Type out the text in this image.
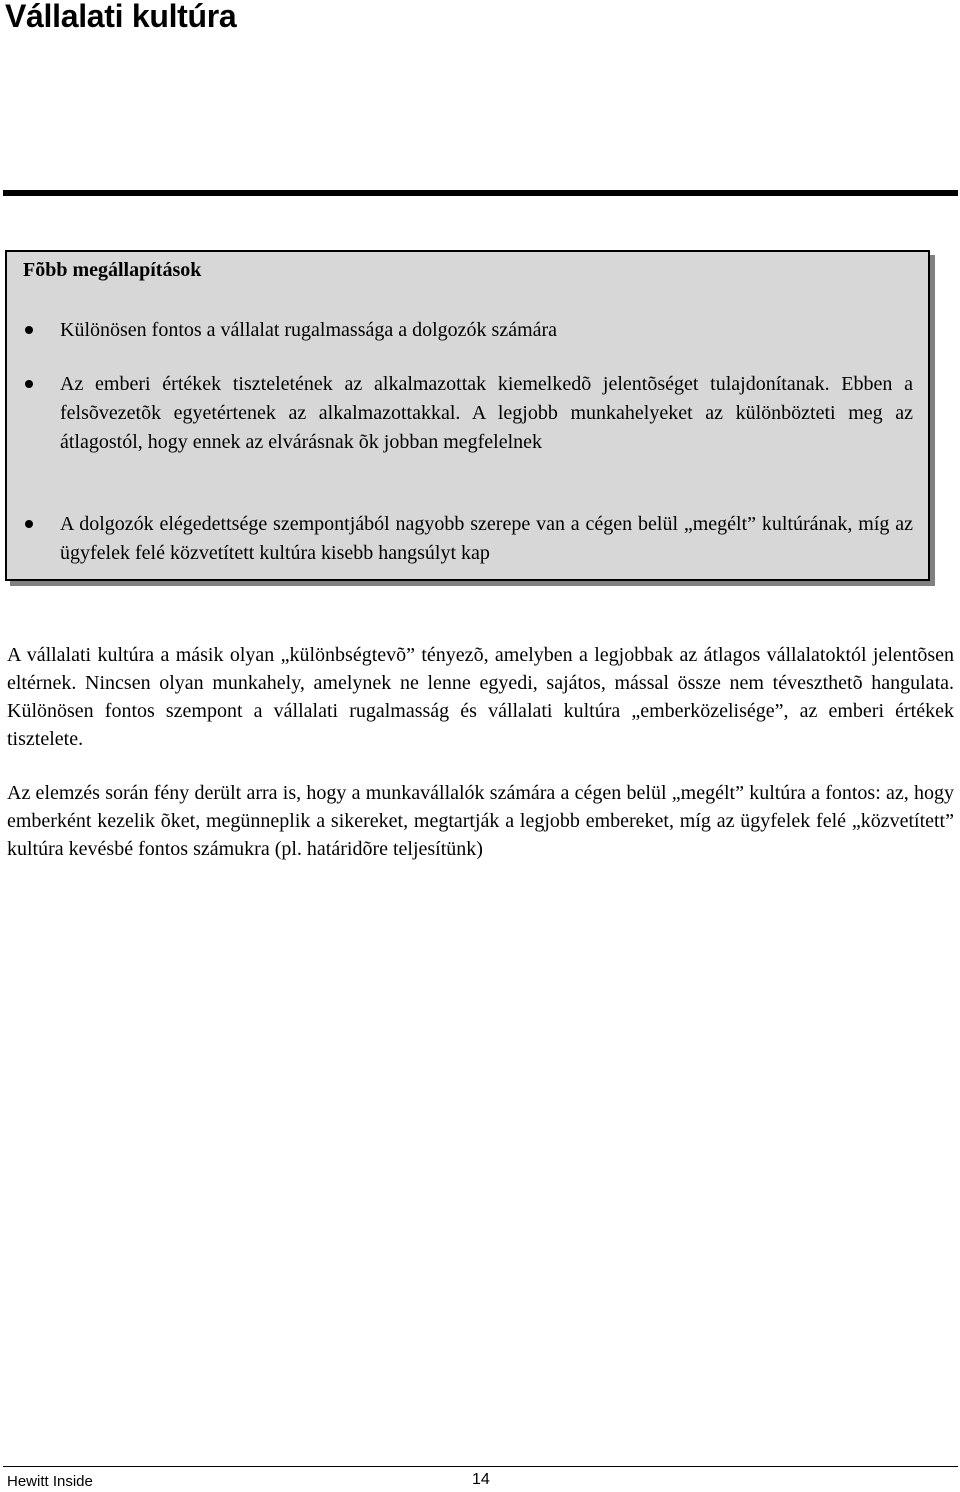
Vállalati kultúra
Fõbb megállapítások
Különösen fontos a vállalat rugalmassága a dolgozók számára
Az emberi értékek tiszteletének az alkalmazottak kiemelkedõ jelentõséget tulajdonítanak. Ebben a felsõvezetõk egyetértenek az alkalmazottakkal. A legjobb munkahelyeket az különbözteti meg az átlagostól, hogy ennek az elvárásnak õk jobban megfelelnek
A dolgozók elégedettsége szempontjából nagyobb szerepe van a cégen belül „megélt” kultúrának, míg az ügyfelek felé közvetített kultúra kisebb hangsúlyt kap

A vállalati kultúra a másik olyan „különbségtevõ” tényezõ, amelyben a legjobbak az átlagos vállalatoktól jelentõsen eltérnek. Nincsen olyan munkahely, amelynek ne lenne egyedi, sajátos, mással össze nem téveszthetõ hangulata. Különösen fontos szempont a vállalati rugalmasság és vállalati kultúra „emberközelisége”, az emberi értékek tisztelete.

Az elemzés során fény derült arra is, hogy a munkavállalók számára a cégen belül „megélt” kultúra a fontos: az, hogy emberként kezelik õket, megünneplik a sikereket, megtartják a legjobb embereket, míg az ügyfelek felé „közvetített” kultúra kevésbé fontos számukra (pl. határidõre teljesítünk)

Hewitt Inside	14
